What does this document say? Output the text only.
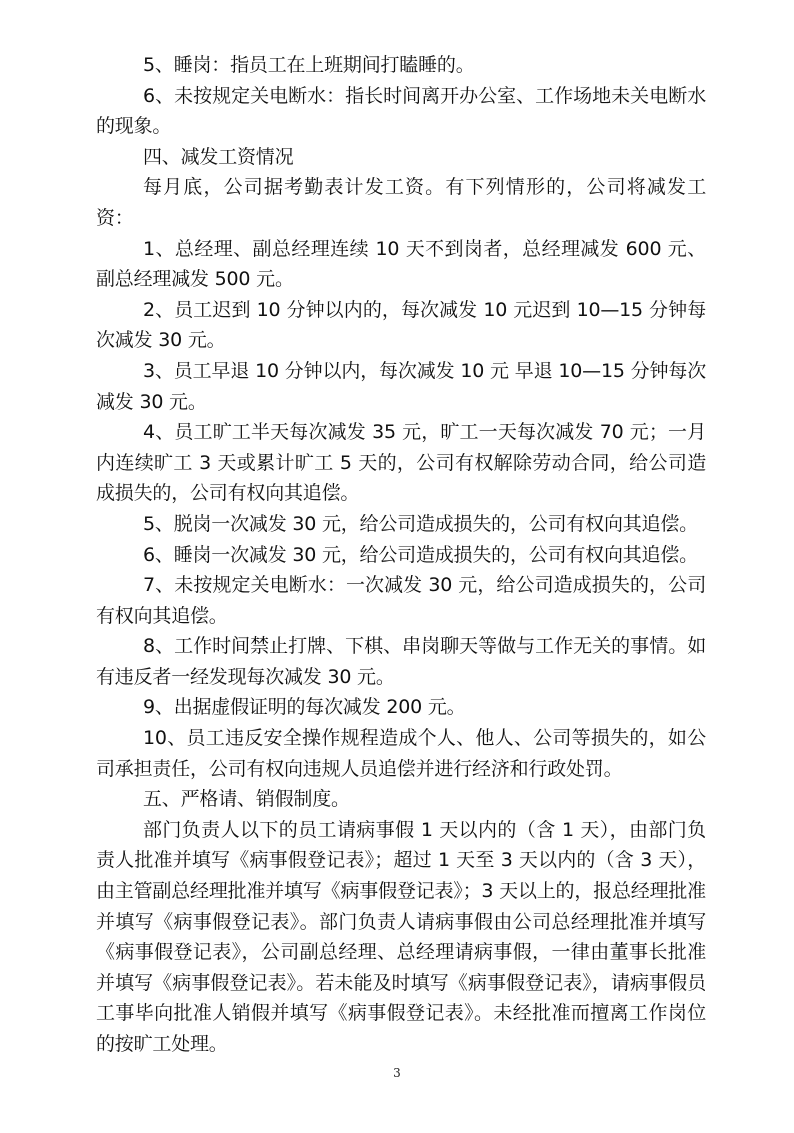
5、睡岗：指员工在上班期间打瞌睡的。

6、未按规定关电断水：指长时间离开办公室、工作场地未关电断水的现象。

四、减发工资情况

每月底，公司据考勤表计发工资。有下列情形的，公司将减发工资：

1、总经理、副总经理连续 10 天不到岗者，总经理减发 600 元、副总经理减发 500 元。

2、员工迟到 10 分钟以内的，每次减发 10 元迟到 10—15 分钟每次减发 30 元。

3、员工早退 10 分钟以内，每次减发 10 元 早退 10—15 分钟每次减发 30 元。

4、员工旷工半天每次减发 35 元，旷工一天每次减发 70 元；一月内连续旷工 3 天或累计旷工 5 天的，公司有权解除劳动合同，给公司造成损失的，公司有权向其追偿。

5、脱岗一次减发 30 元，给公司造成损失的，公司有权向其追偿。

6、睡岗一次减发 30 元，给公司造成损失的，公司有权向其追偿。

7、未按规定关电断水：一次减发 30 元，给公司造成损失的，公司有权向其追偿。

8、工作时间禁止打牌、下棋、串岗聊天等做与工作无关的事情。如有违反者一经发现每次减发 30 元。

9、出据虚假证明的每次减发 200 元。

10、员工违反安全操作规程造成个人、他人、公司等损失的，如公司承担责任，公司有权向违规人员追偿并进行经济和行政处罚。

五、严格请、销假制度。

部门负责人以下的员工请病事假 1 天以内的（含 1 天），由部门负责人批准并填写《病事假登记表》；超过 1 天至 3 天以内的（含 3 天），由主管副总经理批准并填写《病事假登记表》；3 天以上的，报总经理批准并填写《病事假登记表》。部门负责人请病事假由公司总经理批准并填写《病事假登记表》，公司副总经理、总经理请病事假，一律由董事长批准并填写《病事假登记表》。若未能及时填写《病事假登记表》，请病事假员工事毕向批准人销假并填写《病事假登记表》。未经批准而擅离工作岗位的按旷工处理。

3
